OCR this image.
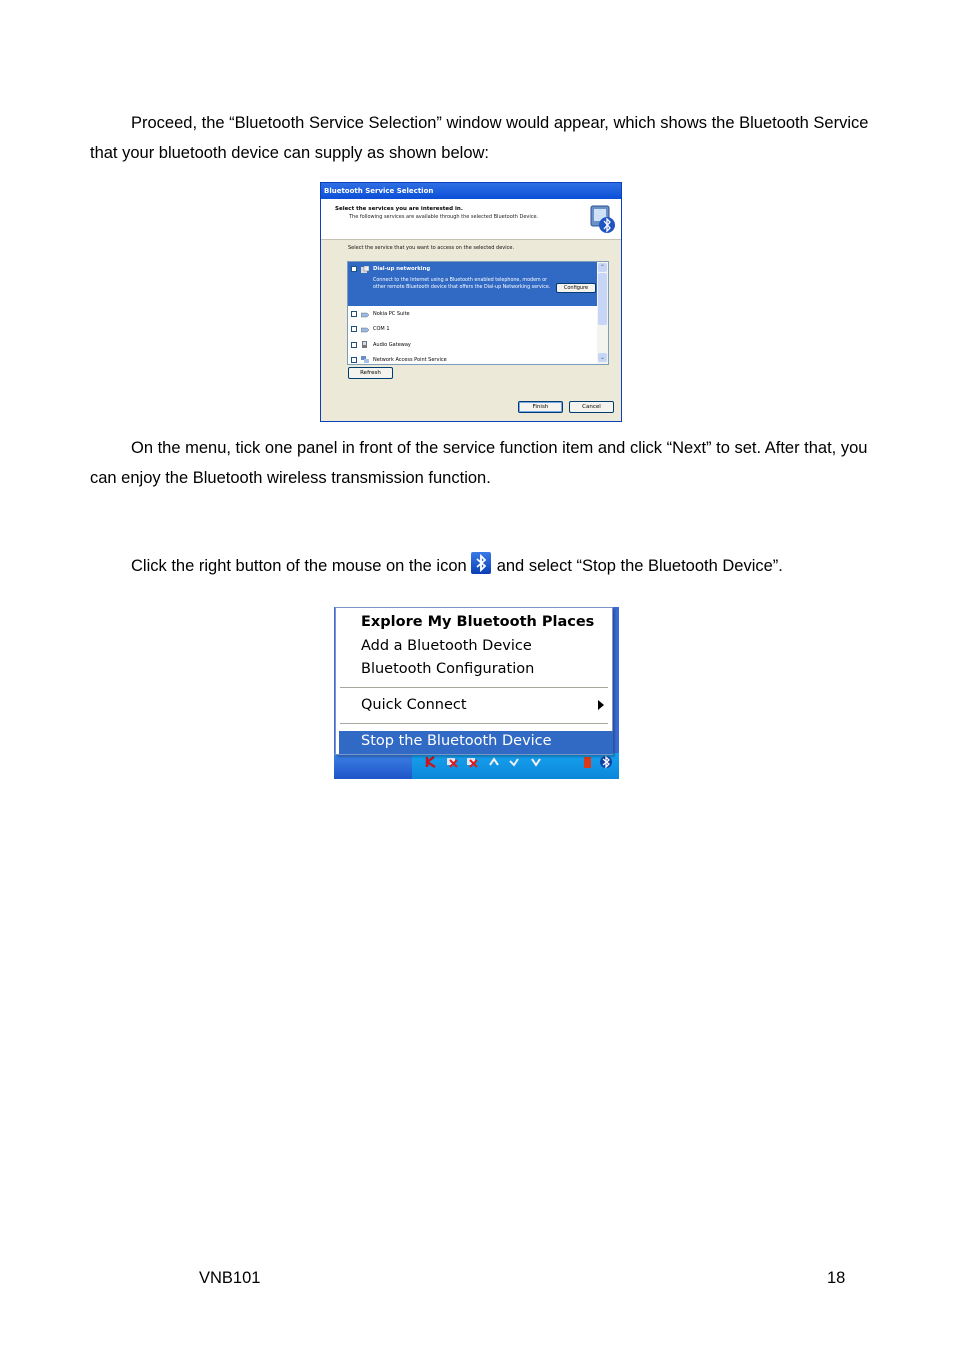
Proceed, the “Bluetooth Service Selection” window would appear, which shows the Bluetooth Service that your bluetooth device can supply as shown below:

Bluetooth Service Selection
Select the services you are interested in.
The following services are available through the selected Bluetooth Device.
Select the service that you want to access on the selected device.
Dial-up networking
Connect to the Internet using a Bluetooth enabled telephone, modem or other remote Bluetooth device that offers the Dial-up Networking service.	Configure
Nokia PC Suite
COM 1
Audio Gateway
Network Access Point Service
⌃
⌄
Refresh
Finish	Cancel

On the menu, tick one panel in front of the service function item and click “Next” to set. After that, you can enjoy the Bluetooth wireless transmission function.

Click the right button of the mouse on the icon and select “Stop the Bluetooth Device”.

Explore My Bluetooth Places
Add a Bluetooth Device
Bluetooth Configuration
Quick Connect
Stop the Bluetooth Device
VNB101	18
